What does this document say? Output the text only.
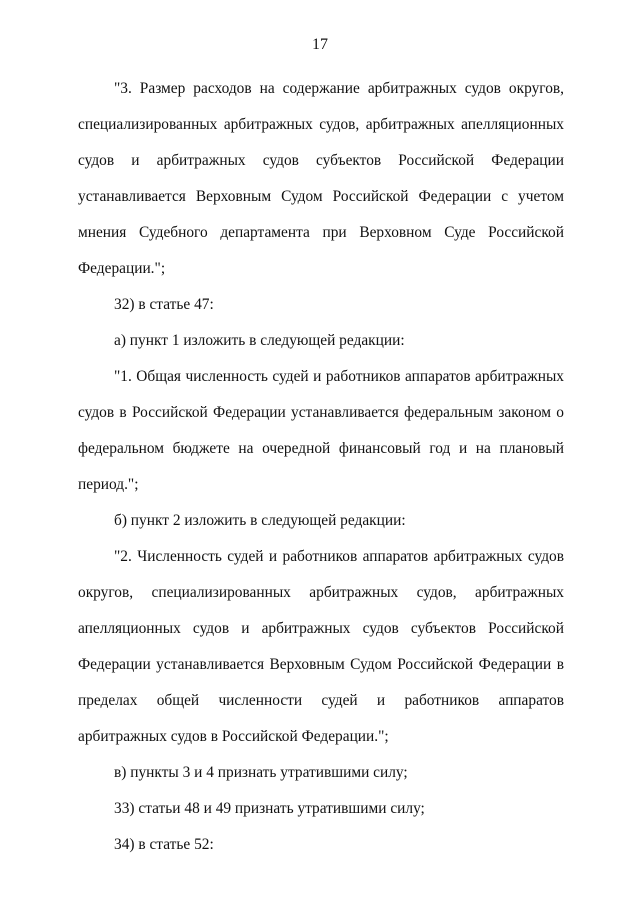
17

"3. Размер расходов на содержание арбитражных судов округов, специализированных арбитражных судов, арбитражных апелляционных судов и арбитражных судов субъектов Российской Федерации устанавливается Верховным Судом Российской Федерации с учетом мнения Судебного департамента при Верховном Суде Российской Федерации.";

32) в статье 47:

а) пункт 1 изложить в следующей редакции:

"1. Общая численность судей и работников аппаратов арбитражных судов в Российской Федерации устанавливается федеральным законом о федеральном бюджете на очередной финансовый год и на плановый период.";

б) пункт 2 изложить в следующей редакции:

"2. Численность судей и работников аппаратов арбитражных судов округов, специализированных арбитражных судов, арбитражных апелляционных судов и арбитражных судов субъектов Российской Федерации устанавливается Верховным Судом Российской Федерации в пределах общей численности судей и работников аппаратов арбитражных судов в Российской Федерации.";

в) пункты 3 и 4 признать утратившими силу;

33) статьи 48 и 49 признать утратившими силу;

34) в статье 52:
